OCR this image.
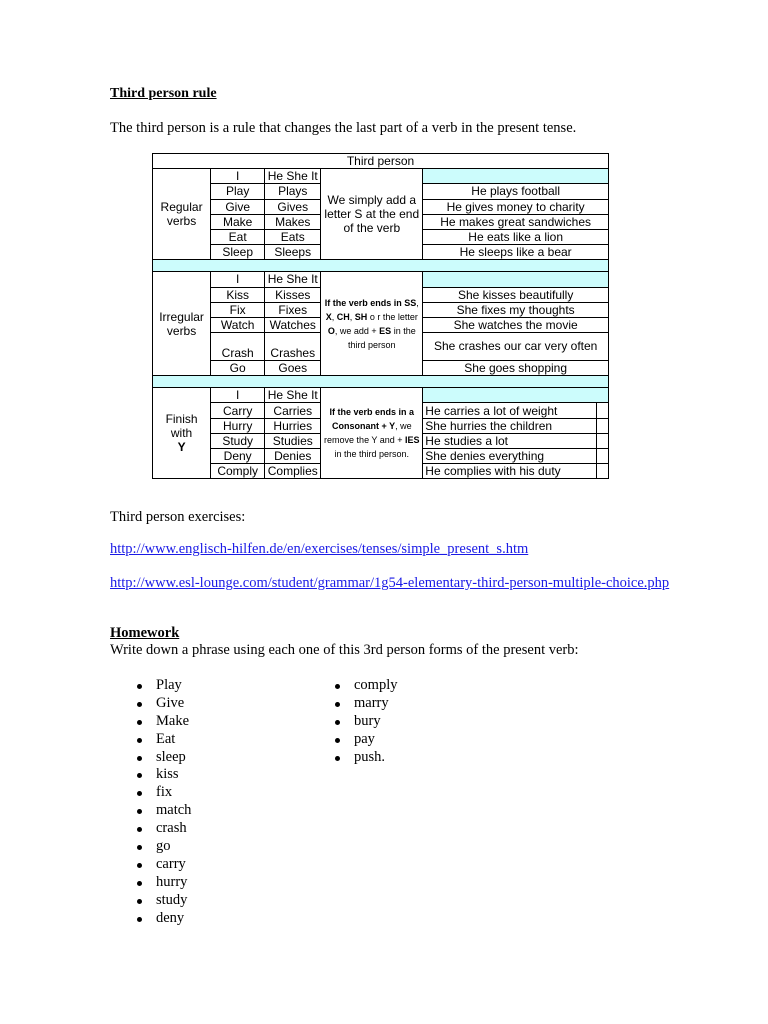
Third person rule
The third person is a rule that changes the last part of a verb in the present tense.
Third person					

Regular
verbs	I	He She It	We simply add a letter S at the end of the verb		
	Play	Plays		He plays football	
	Give	Gives		He gives money to charity	
	Make	Makes		He makes great sandwiches	
	Eat	Eats		He eats like a lion	
	Sleep	Sleeps		He sleeps like a bear	

Irregular
verbs	I	He She It	If the verb ends in SS, X, CH, SH o r the letter O, we add + ES in the third person		
	Kiss	Kisses		She kisses beautifully	
	Fix	Fixes		She fixes my thoughts	
	Watch	Watches		She watches the movie	
	Crash	Crashes		She crashes our car very often	
	Go	Goes		She goes shopping	

Finish
with
Y	I	He She It	If the verb ends in a Consonant + Y, we remove the Y and + IES in the third person.		
	Carry	Carries		He carries a lot of weight	
	Hurry	Hurries		She hurries the children	
	Study	Studies		He studies a lot	
	Deny	Denies		She denies everything	
	Comply	Complies		He complies with his duty	
Third person exercises:
http://www.englisch-hilfen.de/en/exercises/tenses/simple_present_s.htm
http://www.esl-lounge.com/student/grammar/1g54-elementary-third-person-multiple-choice.php
Homework
Write down a phrase using each one of this 3rd person forms of the present verb:
Play
Give
Make
Eat
sleep
kiss
fix
match
crash
go
carry
hurry
study
deny
comply
marry
bury
pay
push.
